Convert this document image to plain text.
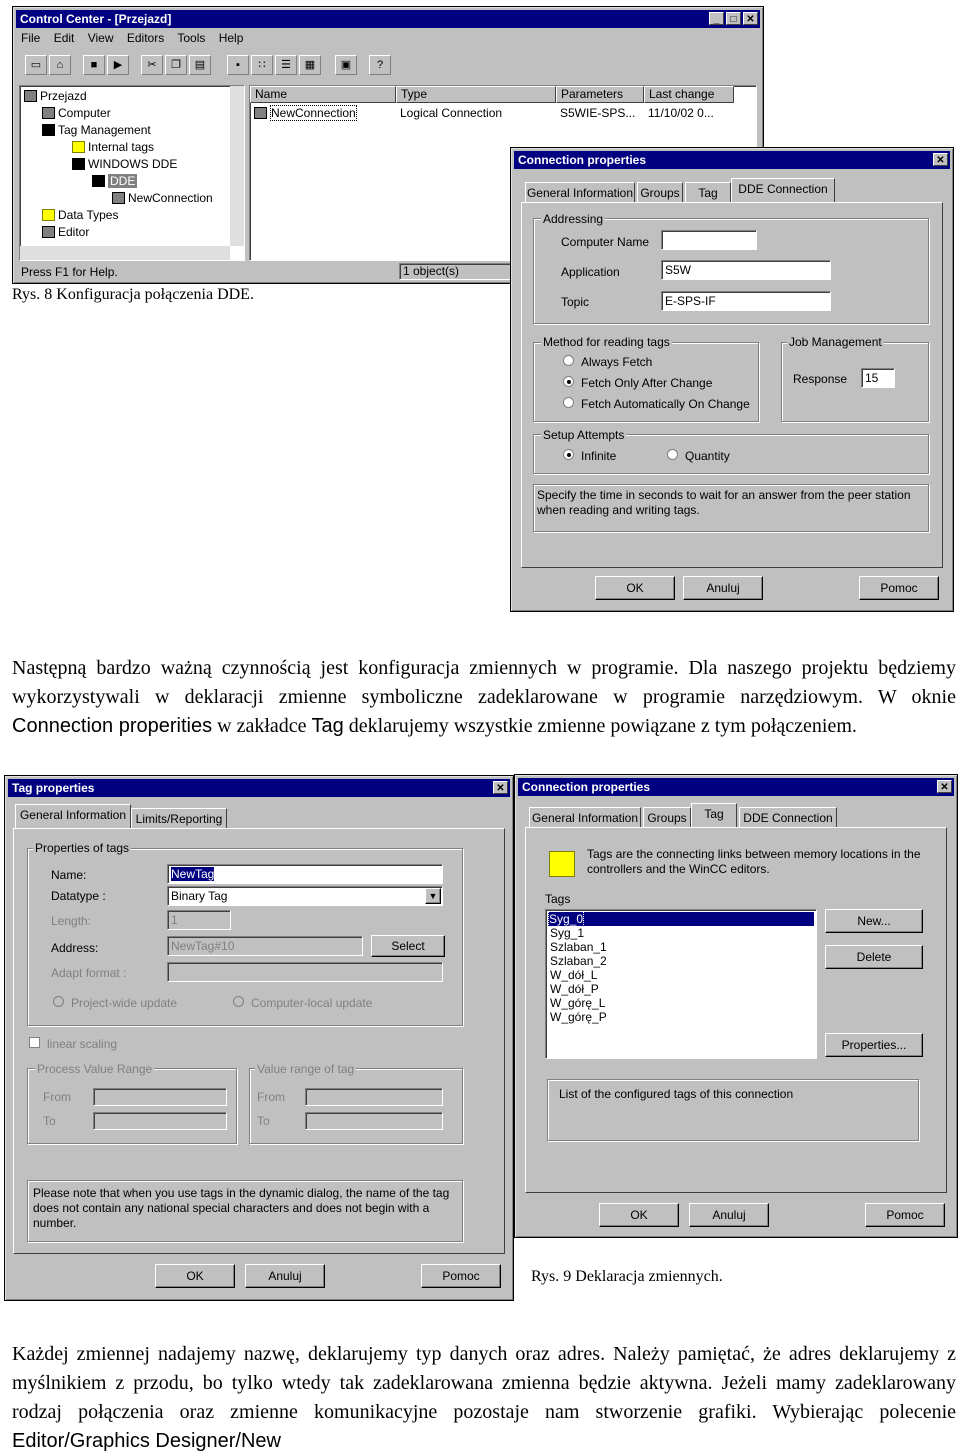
Control Center - [Przejazd]	_	□ ✕
File Edit View Editors Tools Help
▭	⌂	■	▶	✂	❐	▤	▪	∷	☰	▦	▣	?
Przejazd
Computer
Tag Management
Internal tags
WINDOWS DDE
DDE
NewConnection
Data Types
Editor
Name	Type	Parameters	Last change
NewConnection	Logical Connection	S5WIE-SPS... 11/10/02 0...
Press F1 for Help.	1 object(s)
Rys. 8 Konfiguracja połączenia DDE.
Connection properties	✕
General Information Groups	Tag	DDE Connection
Addressing
Computer Name
Application	S5W
Topic	E-SPS-IF
Method for reading tags
Always Fetch
Fetch Only After Change
Fetch Automatically On Change
Job Management
Response	15
Setup Attempts
Infinite	Quantity
Specify the time in seconds to wait for an answer from the peer station when reading and writing tags.
OK	Anuluj	Pomoc
Następną bardzo ważną czynnością jest konfiguracja zmiennych w programie. Dla naszego projektu będziemy wykorzystywali w deklaracji zmienne symboliczne zadeklarowane w programie narzędziowym. W oknie Connection properities w zakładce Tag deklarujemy wszystkie zmienne powiązane z tym połączeniem.
Tag properties	✕
General Information Limits/Reporting
Properties of tags
Name:	NewTag
Datatype :	Binary Tag	▼
Length:	1
Address:	NewTag#10	Select
Adapt format :
Project-wide update	Computer-local update
linear scaling
Process Value Range
From
To
Value range of tag
From
To
Please note that when you use tags in the dynamic dialog, the name of the tag does not contain any national special characters and does not begin with a number.
OK	Anuluj	Pomoc
Connection properties	✕
General Information Groups	Tag	DDE Connection
Tags are the connecting links between memory locations in the controllers and the WinCC editors.
Tags
Syg_0
Syg_1
Szlaban_1
Szlaban_2
W_dół_L
W_dół_P
W_górę_L
W_górę_P
New...
Delete
Properties...
List of the configured tags of this connection
OK	Anuluj	Pomoc
Rys. 9 Deklaracja zmiennych.
Każdej zmiennej nadajemy nazwę, deklarujemy typ danych oraz adres. Należy pamiętać, że adres deklarujemy z myślnikiem z przodu, bo tylko wtedy tak zadeklarowana zmienna będzie aktywna. Jeżeli mamy zadeklarowany rodzaj połączenia oraz zmienne komunikacyjne pozostaje nam stworzenie grafiki. Wybierając polecenie Editor/Graphics Designer/New
